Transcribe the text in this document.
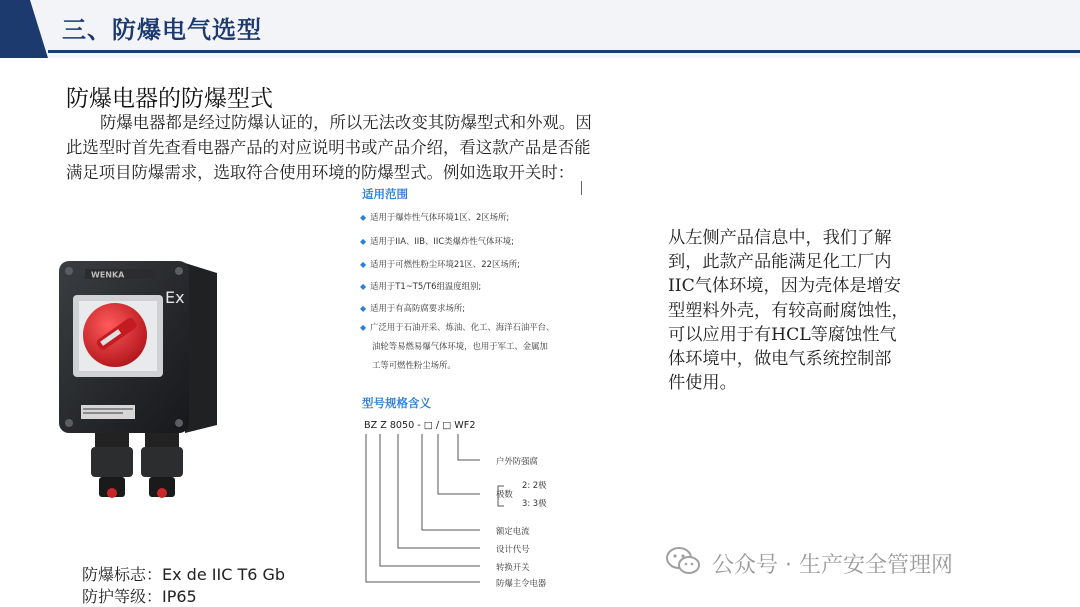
三、防爆电气选型
防爆电器的防爆型式
防爆电器都是经过防爆认证的，所以无法改变其防爆型式和外观。因
此选型时首先查看电器产品的对应说明书或产品介绍，看这款产品是否能
满足项目防爆需求，选取符合使用环境的防爆型式。例如选取开关时：
WENKA
Ex
适用范围
◆ 适用于爆炸性气体环境1区、2区场所;
◆ 适用于IIA、IIB、IIC类爆炸性气体环境;
◆ 适用于可燃性粉尘环境21区、22区场所;
◆ 适用于T1~T5/T6组温度组别;
◆ 适用于有高防腐要求场所;
◆ 广泛用于石油开采、炼油、化工、海洋石油平台、
油轮等易燃易爆气体环境，也用于军工、金属加
工等可燃性粉尘场所。
型号规格含义
BZ Z 8050 - □ / □ WF2
户外防强腐
极数
2: 2极
3: 3极
额定电流
设计代号
转换开关
防爆主令电器
从左侧产品信息中，我们了解
到，此款产品能满足化工厂内
IIC气体环境，因为壳体是增安
型塑料外壳，有较高耐腐蚀性，
可以应用于有HCL等腐蚀性气
体环境中，做电气系统控制部
件使用。
防爆标志：Ex de IIC T6 Gb
防护等级：IP65
公众号 · 生产安全管理网
